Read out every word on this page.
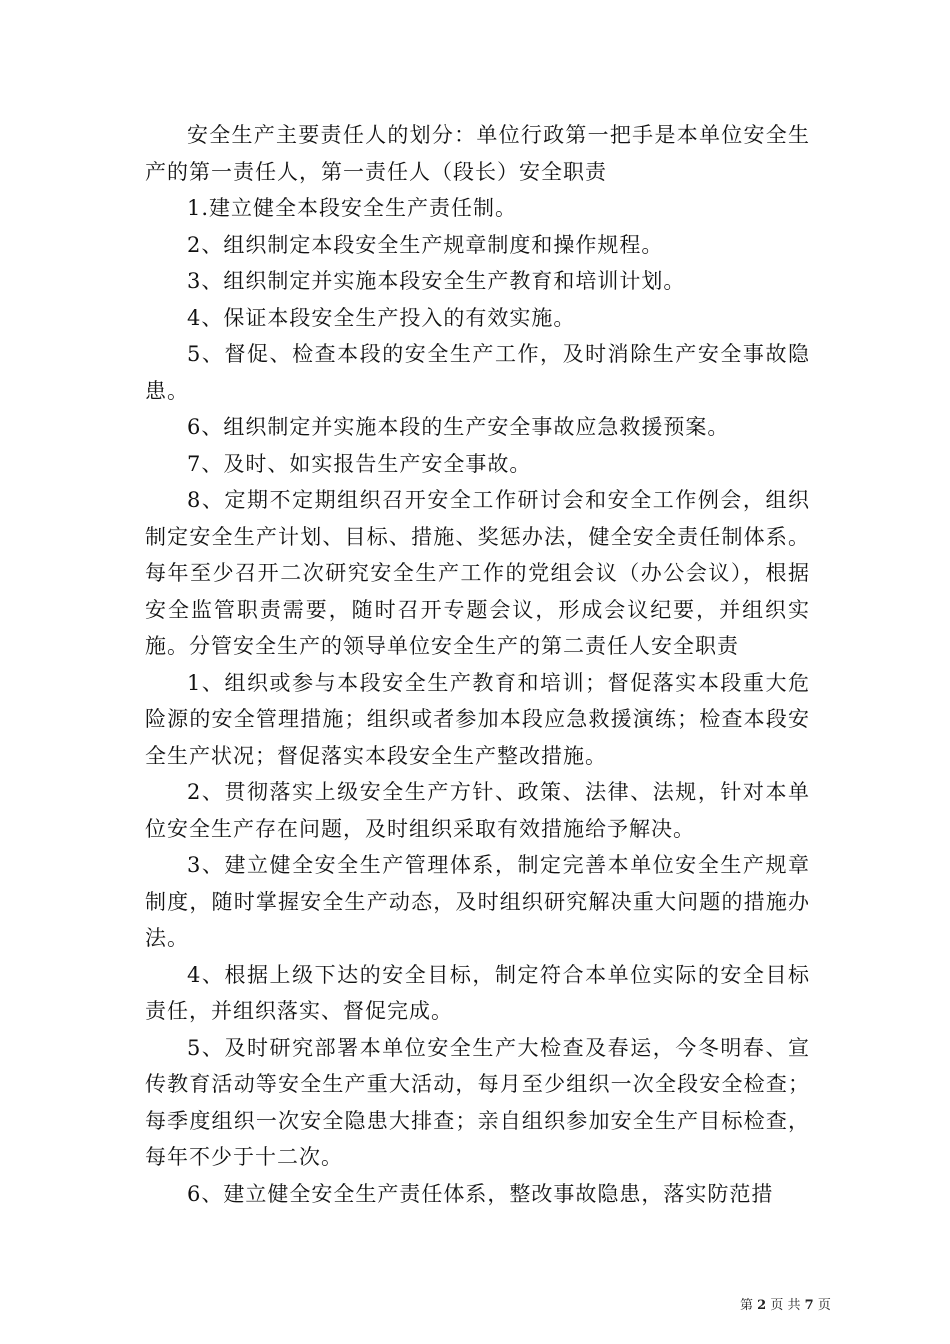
安全生产主要责任人的划分：单位行政第一把手是本单位安全生产的第一责任人，第一责任人（段长）安全职责

1.建立健全本段安全生产责任制。

2、组织制定本段安全生产规章制度和操作规程。

3、组织制定并实施本段安全生产教育和培训计划。

4、保证本段安全生产投入的有效实施。

5、督促、检查本段的安全生产工作，及时消除生产安全事故隐患。

6、组织制定并实施本段的生产安全事故应急救援预案。

7、及时、如实报告生产安全事故。

8、定期不定期组织召开安全工作研讨会和安全工作例会，组织制定安全生产计划、目标、措施、奖惩办法，健全安全责任制体系。每年至少召开二次研究安全生产工作的党组会议（办公会议），根据安全监管职责需要，随时召开专题会议，形成会议纪要，并组织实施。分管安全生产的领导单位安全生产的第二责任人安全职责

1、组织或参与本段安全生产教育和培训；督促落实本段重大危险源的安全管理措施；组织或者参加本段应急救援演练；检查本段安全生产状况；督促落实本段安全生产整改措施。

2、贯彻落实上级安全生产方针、政策、法律、法规，针对本单位安全生产存在问题，及时组织采取有效措施给予解决。

3、建立健全安全生产管理体系，制定完善本单位安全生产规章制度，随时掌握安全生产动态，及时组织研究解决重大问题的措施办法。

4、根据上级下达的安全目标，制定符合本单位实际的安全目标责任，并组织落实、督促完成。

5、及时研究部署本单位安全生产大检查及春运，今冬明春、宣传教育活动等安全生产重大活动，每月至少组织一次全段安全检查；每季度组织一次安全隐患大排查；亲自组织参加安全生产目标检查，每年不少于十二次。

6、建立健全安全生产责任体系，整改事故隐患，落实防范措

第 2 页 共 7 页
